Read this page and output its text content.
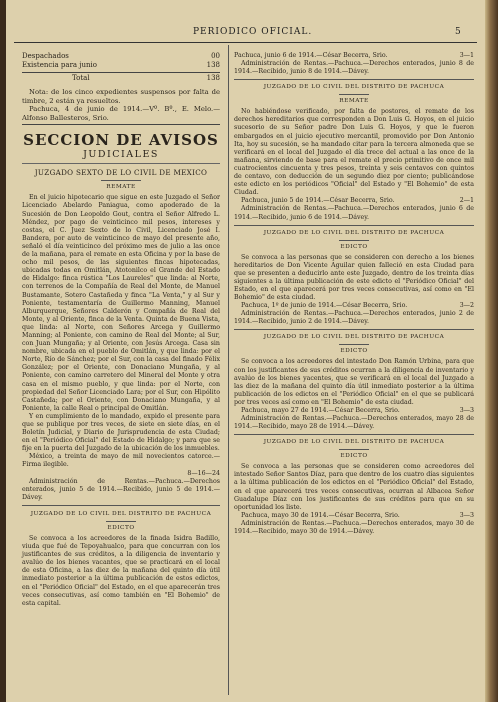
PERIODICO OFICIAL.	5
Despachados	00
Existencia para junio	138
Total	138

Nota: de los cinco expedientes suspensos por falta de timbre, 2 están ya resueltos.

Pachuca, 4 de junio de 1914.—Vº. Bº., E. Melo.— Alfonso Ballesteros, Srio.

SECCION DE AVISOS
JUDICIALES
JUZGADO SEXTO DE LO CIVIL DE MEXICO
REMATE

En el juicio hipotecario que sigue en este Juzgado el Señor Licenciado Abelardo Paniagua, como apoderado de la Sucesión de Don Leopoldo Gout, contra el Señor Alfredo L. Méndez, por pago de veinticinco mil pesos, intereses y costas, el C. Juez Sexto de lo Civil, Licenciado José I. Bandera, por auto de veinticinco de mayo del presente año, señaló el día veinticinco del próximo mes de julio a las once de la mañana, para el remate en esta Oficina y por la base de ocho mil pesos, de las siguientes fincas hipotecadas, ubicadas todas en Omitlán, Atotonilco el Grande del Estado de Hidalgo: finca rústica "Los Laureles" que linda: al Norte, con terrenos de la Compañía de Real del Monte, de Manuel Bustamante, Sotero Castañeda y finca "La Venta," y al Sur y Poniente, testamentaría de Guillermo Manning, Manuel Alburquerque, Señores Calderón y Compañía de Real del Monte, y al Oriente, finca de la Venta. Quinta de Buena Vista, que linda: al Norte, con Señores Arcega y Guillermo Manning; al Poniente, con camino de Real del Monte; al Sur, con Juan Mungaña; y al Oriente, con Jesús Arcega. Casa sin nombre, ubicada en el pueblo de Omitlán, y que linda: por el Norte, Río de Sánchez; por el Sur, con la casa del finado Félix González; por el Oriente, con Donaciano Mungaña, y al Poniente, con camino carretero del Mineral del Monte y otra casa en el mismo pueblo, y que linda: por el Norte, con propiedad del Señor Licenciado Lara; por el Sur, con Hipólito Castañeda; por el Oriente, con Donaciano Mungaña, y al Poniente, la calle Real o principal de Omitlán.

Y en cumplimiento de lo mandado, expido el presente para que se publique por tres veces, de siete en siete días, en el Boletín Judicial, y Diario de Jurisprudencia de esta Ciudad; en el "Periódico Oficial" del Estado de Hidalgo; y para que se fije en la puerta del Juzgado de la ubicación de los inmuebles.

México, a treinta de mayo de mil novecientos catorce.— Firma ilegible.

8—16—24

Administración de Rentas.—Pachuca.—Derechos enterados, junio 5 de 1914.—Recibido, junio 5 de 1914.—Dávey.

JUZGADO DE LO CIVIL DEL DISTRITO DE PACHUCA
EDICTO

Se convoca a los acreedores de la finada Isidra Badillo, viuda que fué de Tepoyahualco, para que concurran con los justificantes de sus créditos, a la diligencia de inventario y avalúo de los bienes vacantes, que se practicará en el local de esta Oficina, a las diez de la mañana del quinto día útil inmediato posterior a la última publicación de estos edictos, en el "Periódico Oficial" del Estado, en el que aparecerán tres veces consecutivas, así como también en "El Bohemio" de esta capital.

Pachuca, junio 6 de 1914.—César Becerra, Srio.	3—1

Administración de Rentas.—Pachuca.—Derechos enterados, junio 8 de 1914.—Recibido, junio 8 de 1914.—Dávey.

JUZGADO DE LO CIVIL DEL DISTRITO DE PACHUCA
REMATE

No habiéndose verificado, por falta de postores, el remate de los derechos hereditarios que corresponden a Don Luis G. Hoyos, en el juicio sucesorio de su Señor padre Don Luis G. Hoyos, y que le fueron embargados en el juicio ejecutivo mercantil, promovido por Don Antonio Ita, hoy su sucesión, se ha mandado citar para la tercera almoneda que se verificará en el local del Juzgado el día trece del actual a las once de la mañana, sirviendo de base para el remate el precio primitivo de once mil cuatrocientos cincuenta y tres pesos, treinta y seis centavos con quintos de centavo, con deducción de un segundo diez por ciento; publicándose este edicto en los periódicos "Oficial" del Estado y "El Bohemio" de esta Ciudad.

Pachuca, junio 5 de 1914.—César Becerra, Srio.	2—1

Administración de Rentas.—Pachuca.—Derechos enterados, junio 6 de 1914.—Recibido, junio 6 de 1914.—Dávey.

JUZGADO DE LO CIVIL DEL DISTRITO DE PACHUCA
EDICTO

Se convoca a las personas que se consideren con derecho a los bienes hereditarios de Don Vicente Aguilar quien falleció en esta Ciudad para que se presenten a deducirlo ante este Juzgado, dentro de los treinta días siguientes a la última publicación de este edicto el "Periódico Oficial" del Estado, en el que aparecerá por tres veces consecutivas, así como en "El Bohemio" de esta ciudad.

Pachuca, 1º de junio de 1914.—César Becerra, Srio.	3—2

Administración de Rentas.—Pachuca.—Derechos enterados, junio 2 de 1914.—Recibido, junio 2 de 1914.—Dávey.

JUZGADO DE LO CIVIL DEL DISTRITO DE PACHUCA
EDICTO

Se convoca a los acreedores del intestado Don Ramón Urbina, para que con los justificantes de sus créditos ocurran a la diligencia de inventario y avalúo de los bienes yacentes, que se verificará en el local del Juzgado a las diez de la mañana del quinto día útil inmediato posterior a la última publicación de los edictos en el "Periódico Oficial" en el que se publicará por tres veces así como en "El Bohemio" de esta ciudad.

Pachuca, mayo 27 de 1914.—César Becerra, Srio.	3—3

Administración de Rentas.—Pachuca.—Derechos enterados, mayo 28 de 1914.—Recibido, mayo 28 de 1914.—Dávey.

JUZGADO DE LO CIVIL DEL DISTRITO DE PACHUCA
EDICTO

Se convoca a las personas que se consideren como acreedores del intestado Señor Santos Díaz, para que dentro de los cuatro días siguientes a la última publicación de los edictos en el "Periódico Oficial" del Estado, en el que aparecerá tres veces consecutivas, ocurran al Albacea Señor Guadalupe Díaz con los justificantes de sus créditos para que en su oportunidad los liste.

Pachuca, mayo 30 de 1914.—César Becerra, Srio.	3—3

Administración de Rentas.—Pachuca.—Derechos enterados, mayo 30 de 1914.—Recibido, mayo 30 de 1914.—Dávey.
